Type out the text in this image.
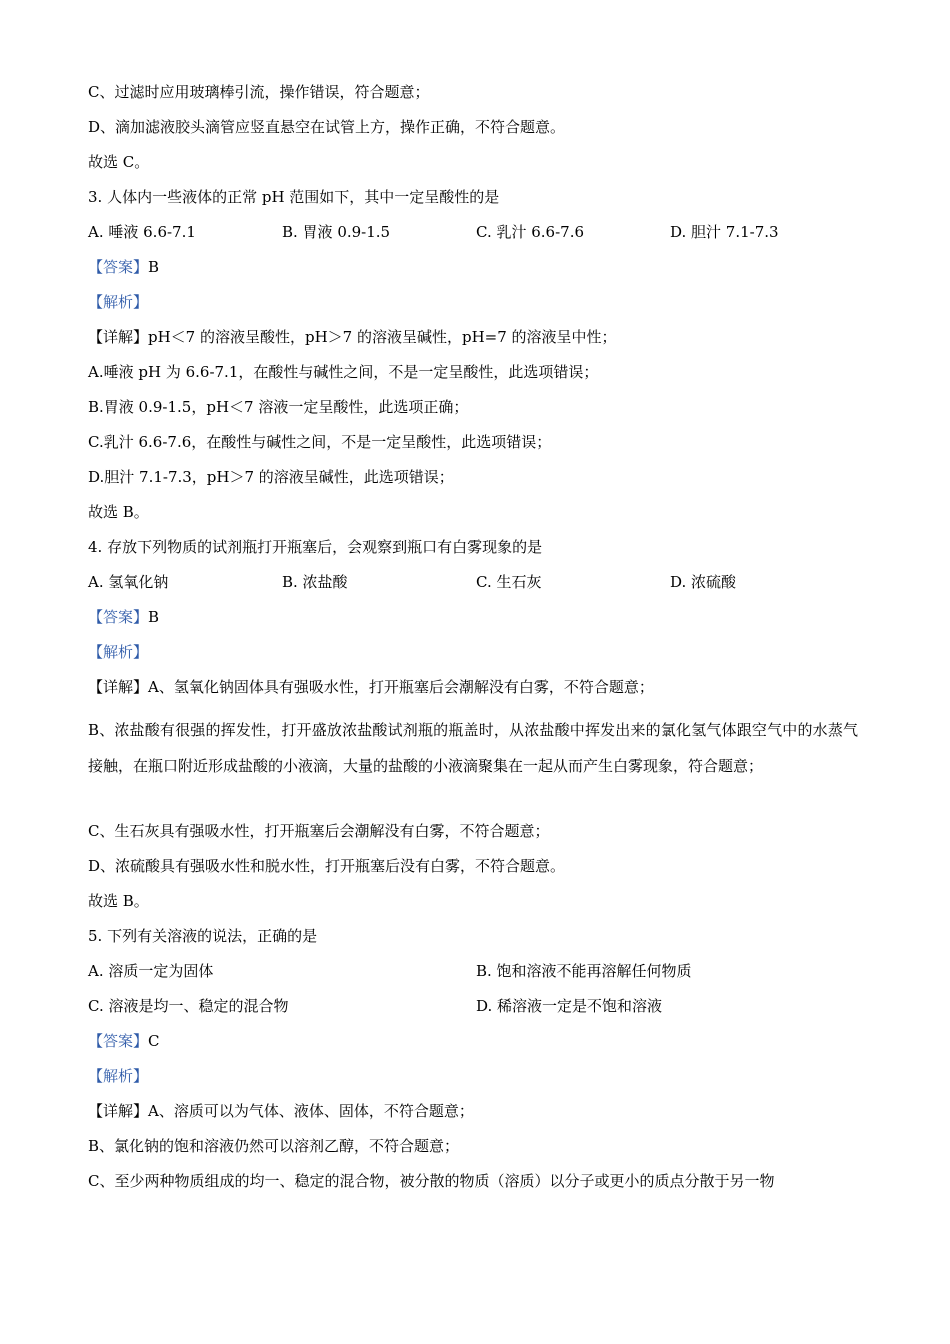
C、过滤时应用玻璃棒引流，操作错误，符合题意；
D、滴加滤液胶头滴管应竖直悬空在试管上方，操作正确，不符合题意。
故选 C。
3. 人体内一些液体的正常 pH 范围如下，其中一定呈酸性的是
A. 唾液 6.6-7.1	B. 胃液 0.9-1.5	C. 乳汁 6.6-7.6	D. 胆汁 7.1-7.3
【答案】B
【解析】
【详解】pH＜7 的溶液呈酸性，pH＞7 的溶液呈碱性，pH=7 的溶液呈中性；
A.唾液 pH 为 6.6-7.1，在酸性与碱性之间，不是一定呈酸性，此选项错误；
B.胃液 0.9-1.5，pH＜7 溶液一定呈酸性，此选项正确；
C.乳汁 6.6-7.6，在酸性与碱性之间，不是一定呈酸性，此选项错误；
D.胆汁 7.1-7.3，pH＞7 的溶液呈碱性，此选项错误；
故选 B。
4. 存放下列物质的试剂瓶打开瓶塞后，会观察到瓶口有白雾现象的是
A. 氢氧化钠	B. 浓盐酸	C. 生石灰	D. 浓硫酸
【答案】B
【解析】
【详解】A、氢氧化钠固体具有强吸水性，打开瓶塞后会潮解没有白雾，不符合题意；
B、浓盐酸有很强的挥发性，打开盛放浓盐酸试剂瓶的瓶盖时，从浓盐酸中挥发出来的氯化氢气体跟空气中的水蒸气接触，在瓶口附近形成盐酸的小液滴，大量的盐酸的小液滴聚集在一起从而产生白雾现象，符合题意；
C、生石灰具有强吸水性，打开瓶塞后会潮解没有白雾，不符合题意；
D、浓硫酸具有强吸水性和脱水性，打开瓶塞后没有白雾，不符合题意。
故选 B。
5. 下列有关溶液的说法，正确的是
A. 溶质一定为固体	B. 饱和溶液不能再溶解任何物质
C. 溶液是均一、稳定的混合物	D. 稀溶液一定是不饱和溶液
【答案】C
【解析】
【详解】A、溶质可以为气体、液体、固体，不符合题意；
B、氯化钠的饱和溶液仍然可以溶剂乙醇，不符合题意；
C、至少两种物质组成的均一、稳定的混合物，被分散的物质（溶质）以分子或更小的质点分散于另一物
